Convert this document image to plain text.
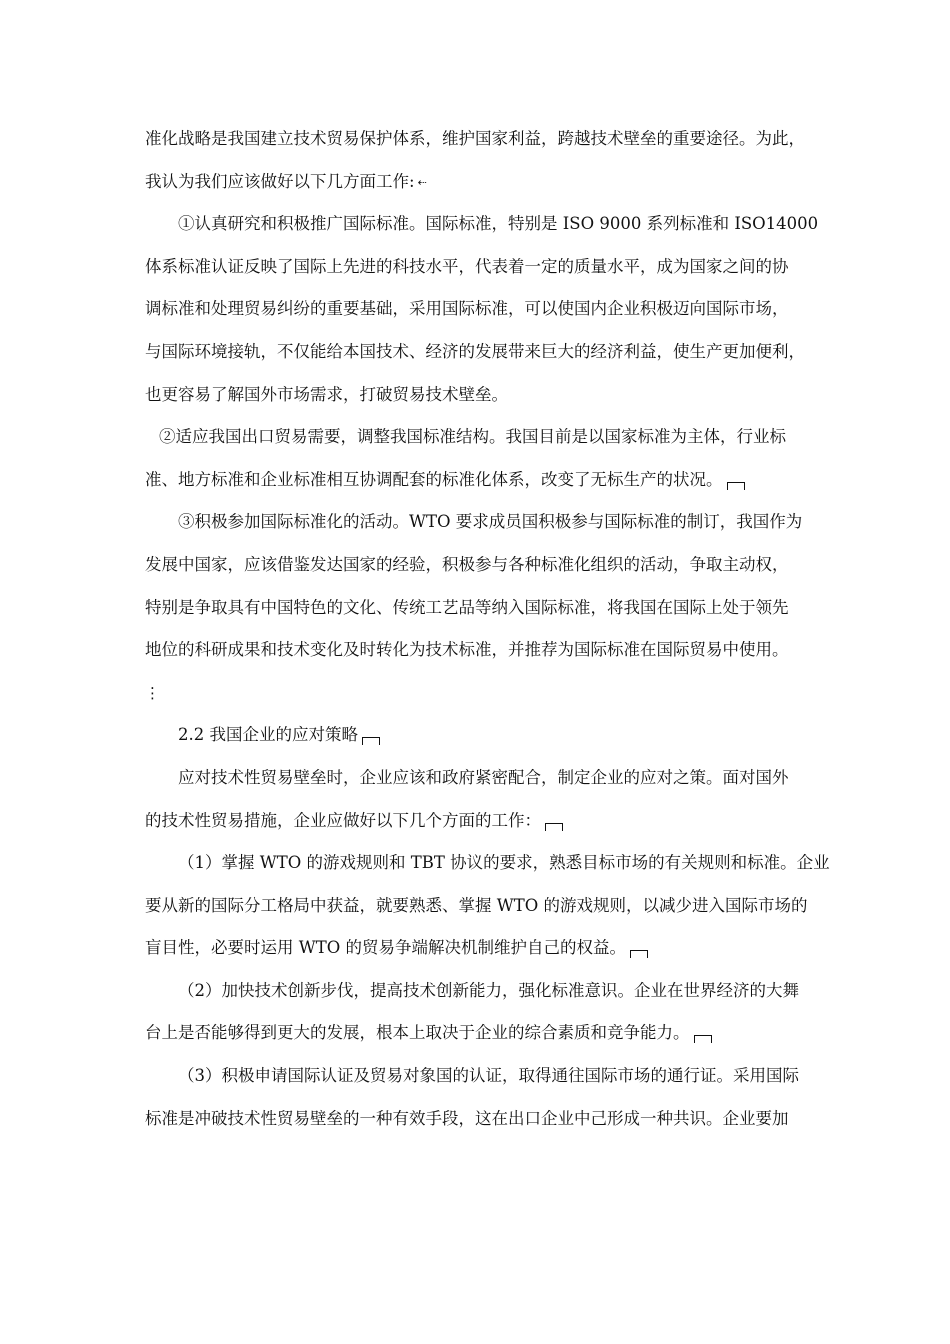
准化战略是我国建立技术贸易保护体系，维护国家利益，跨越技术壁垒的重要途径。为此，
我认为我们应该做好以下几方面工作: ⇠
①认真研究和积极推广国际标准。国际标准，特别是 ISO 9000 系列标准和 ISO14000
体系标准认证反映了国际上先进的科技水平，代表着一定的质量水平，成为国家之间的协
调标准和处理贸易纠纷的重要基础，采用国际标准，可以使国内企业积极迈向国际市场，
与国际环境接轨，不仅能给本国技术、经济的发展带来巨大的经济利益，使生产更加便利，
也更容易了解国外市场需求，打破贸易技术壁垒。
②适应我国出口贸易需要，调整我国标准结构。我国目前是以国家标准为主体，行业标
准、地方标准和企业标准相互协调配套的标准化体系，改变了无标生产的状况。
③积极参加国际标准化的活动。WTO 要求成员国积极参与国际标准的制订，我国作为
发展中国家，应该借鉴发达国家的经验，积极参与各种标准化组织的活动，争取主动权，
特别是争取具有中国特色的文化、传统工艺品等纳入国际标准，将我国在国际上处于领先
地位的科研成果和技术变化及时转化为技术标准，并推荐为国际标准在国际贸易中使用。
⋮
2.2 我国企业的应对策略
应对技术性贸易壁垒时，企业应该和政府紧密配合，制定企业的应对之策。面对国外
的技术性贸易措施，企业应做好以下几个方面的工作：
（1）掌握 WTO 的游戏规则和 TBT 协议的要求，熟悉目标市场的有关规则和标准。企业
要从新的国际分工格局中获益，就要熟悉、掌握 WTO 的游戏规则，以减少进入国际市场的
盲目性，必要时运用 WTO 的贸易争端解决机制维护自己的权益。
（2）加快技术创新步伐，提高技术创新能力，强化标准意识。企业在世界经济的大舞
台上是否能够得到更大的发展，根本上取决于企业的综合素质和竞争能力。
（3）积极申请国际认证及贸易对象国的认证，取得通往国际市场的通行证。采用国际
标准是冲破技术性贸易壁垒的一种有效手段，这在出口企业中己形成一种共识。企业要加
